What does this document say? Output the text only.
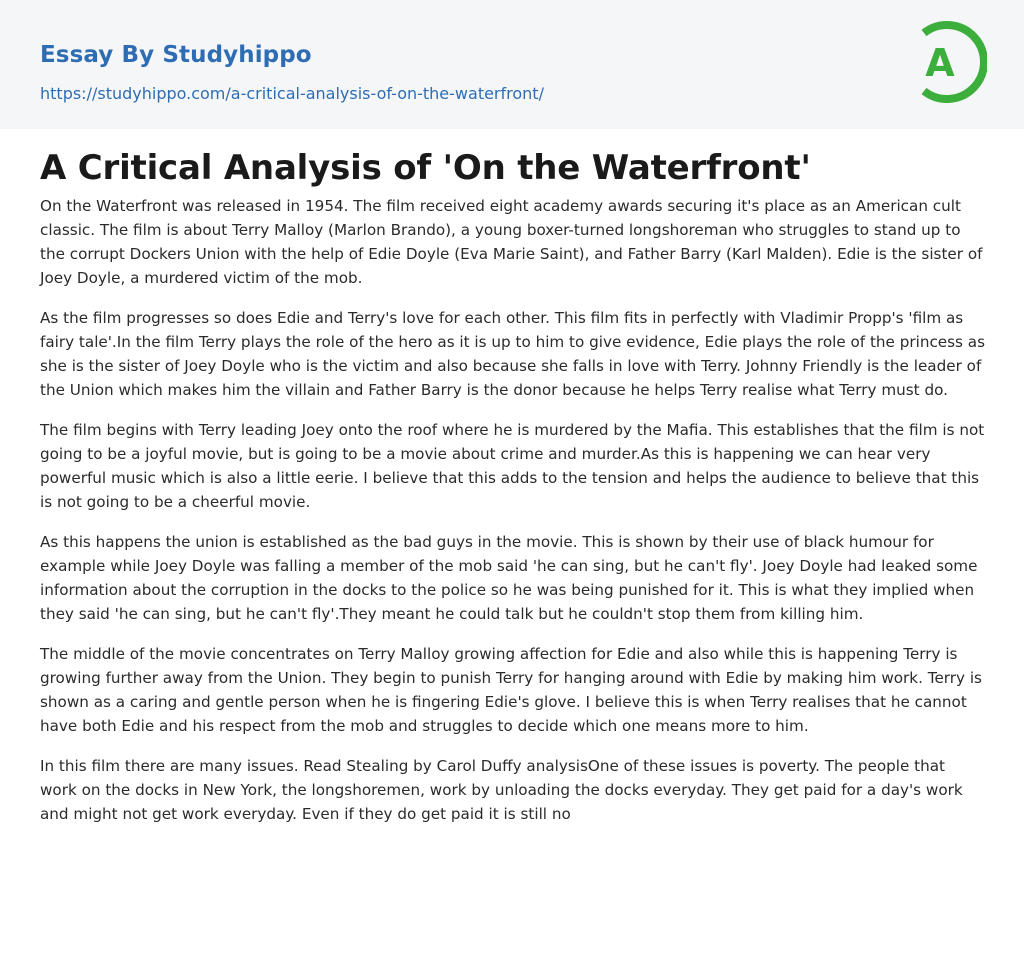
Essay By Studyhippo
https://studyhippo.com/a-critical-analysis-of-on-the-waterfront/
A
A Critical Analysis of 'On the Waterfront'

On the Waterfront was released in 1954. The film received eight academy awards securing it's place as an American cult classic. The film is about Terry Malloy (Marlon Brando), a young boxer-turned longshoreman who struggles to stand up to the corrupt Dockers Union with the help of Edie Doyle (Eva Marie Saint), and Father Barry (Karl Malden). Edie is the sister of Joey Doyle, a murdered victim of the mob.

As the film progresses so does Edie and Terry's love for each other. This film fits in perfectly with Vladimir Propp's 'film as fairy tale'.In the film Terry plays the role of the hero as it is up to him to give evidence, Edie plays the role of the princess as she is the sister of Joey Doyle who is the victim and also because she falls in love with Terry. Johnny Friendly is the leader of the Union which makes him the villain and Father Barry is the donor because he helps Terry realise what Terry must do.

The film begins with Terry leading Joey onto the roof where he is murdered by the Mafia. This establishes that the film is not going to be a joyful movie, but is going to be a movie about crime and murder.As this is happening we can hear very powerful music which is also a little eerie. I believe that this adds to the tension and helps the audience to believe that this is not going to be a cheerful movie.

As this happens the union is established as the bad guys in the movie. This is shown by their use of black humour for example while Joey Doyle was falling a member of the mob said 'he can sing, but he can't fly'. Joey Doyle had leaked some information about the corruption in the docks to the police so he was being punished for it. This is what they implied when they said 'he can sing, but he can't fly'.They meant he could talk but he couldn't stop them from killing him.

The middle of the movie concentrates on Terry Malloy growing affection for Edie and also while this is happening Terry is growing further away from the Union. They begin to punish Terry for hanging around with Edie by making him work. Terry is shown as a caring and gentle person when he is fingering Edie's glove. I believe this is when Terry realises that he cannot have both Edie and his respect from the mob and struggles to decide which one means more to him.

In this film there are many issues. Read Stealing by Carol Duffy analysisOne of these issues is poverty. The people that work on the docks in New York, the longshoremen, work by unloading the docks everyday. They get paid for a day's work and might not get work everyday. Even if they do get paid it is still no
